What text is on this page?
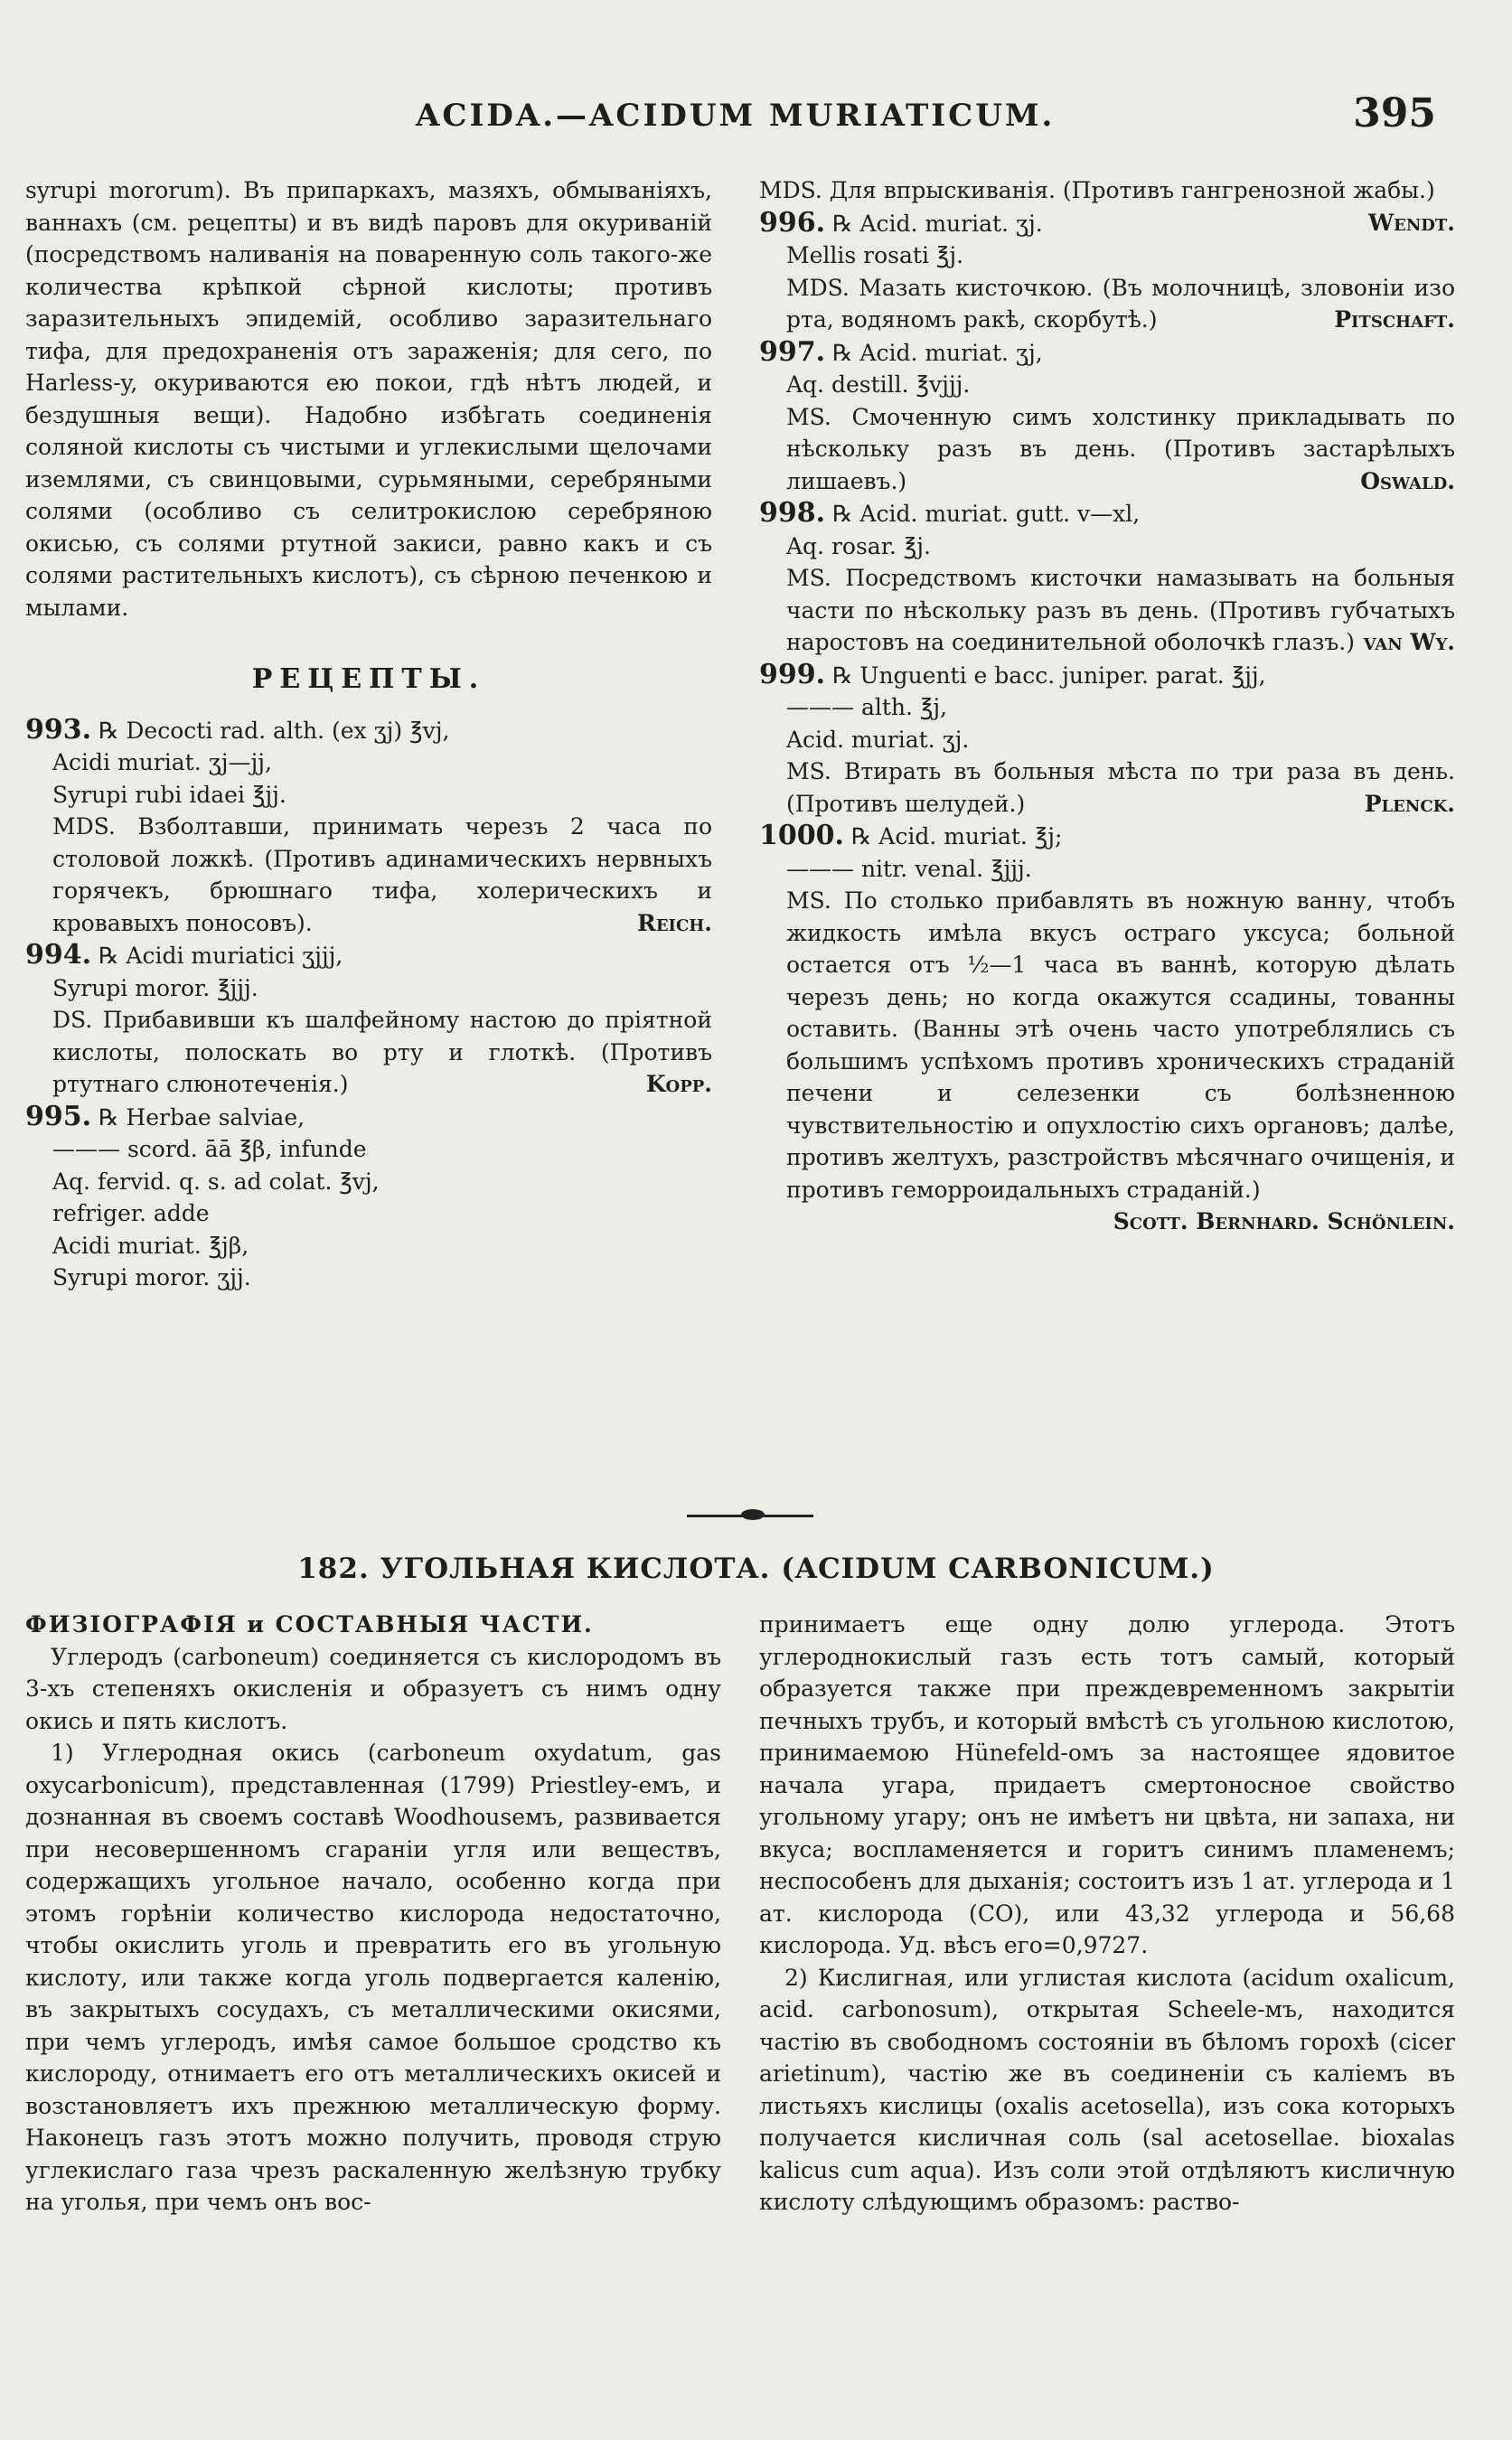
ACIDA.—ACIDUM MURIATICUM.	395

syrupi mororum). Въ припаркахъ, мазяхъ, обмываніяхъ, ваннахъ (см. рецепты) и въ видѣ паровъ для окуриваній (посредствомъ наливанія на поваренную соль такого-же количества крѣпкой сѣрной кислоты; противъ заразительныхъ эпидемій, особливо заразительнаго тифа, для предохраненія отъ зараженія; для сего, по Harless-y, окуриваются ею покои, гдѣ нѣтъ людей, и бездушныя вещи). Надобно избѣгать соединенія соляной кислоты съ чистыми и углекислыми щелочами иземлями, съ свинцовыми, сурьмяными, серебряными солями (особливо съ селитрокислою серебряною окисью, съ солями ртутной закиси, равно какъ и съ солями растительныхъ кислотъ), съ сѣрною печенкою и мылами.

РЕЦЕПТЫ.

993. ℞ Decocti rad. alth. (ex ʒj) ℥vj,

Acidi muriat. ʒj—jj,

Syrupi rubi idaei ℥jj.

MDS. Взболтавши, принимать черезъ 2 часа по столовой ложкѣ. (Противъ адинамическихъ нервныхъ горячекъ, брюшнаго тифа, холерическихъ и кровавыхъ поносовъ).	Reich.

994. ℞ Acidi muriatici ʒjjj,

Syrupi moror. ℥jjj.

DS. Прибавивши къ шалфейному настою до пріятной кислоты, полоскать во рту и глоткѣ. (Противъ ртутнаго слюнотеченія.)	Kopp.

995. ℞ Herbae salviae,

——— scord. āā ℥β, infunde

Aq. fervid. q. s. ad colat. ℥vj,

refriger. adde

Acidi muriat. ℥jβ,

Syrupi moror. ʒjj.

MDS. Для впрыскиванія. (Противъ гангренозной жабы.)
Wendt.

996. ℞ Acid. muriat. ʒj.

Mellis rosati ℥j.

MDS. Мазать кисточкою. (Въ молочницѣ, зловоніи изо рта, водяномъ ракѣ, скорбутѣ.)	Pitschaft.

997. ℞ Acid. muriat. ʒj,

Aq. destill. ℥vjjj.

MS. Смоченную симъ холстинку прикладывать по нѣскольку разъ въ день. (Противъ застарѣлыхъ лишаевъ.)	Oswald.

998. ℞ Acid. muriat. gutt. v—xl,

Aq. rosar. ℥j.

MS. Посредствомъ кисточки намазывать на больныя части по нѣскольку разъ въ день. (Противъ губчатыхъ наростовъ на соединительной оболочкѣ глазъ.) van Wy.

999. ℞ Unguenti e bacc. juniper. parat. ℥jj,

——— alth. ℥j,

Acid. muriat. ʒj.

MS. Втирать въ больныя мѣста по три раза въ день. (Противъ шелудей.)	Plenck.

1000. ℞ Acid. muriat. ℥j;

——— nitr. venal. ℥jjj.

MS. По столько прибавлять въ ножную ванну, чтобъ жидкость имѣла вкусъ остраго уксуса; больной остается отъ ½—1 часа въ ваннѣ, которую дѣлать черезъ день; но когда окажутся ссадины, тованны оставить. (Ванны этѣ очень часто употреблялись съ большимъ успѣхомъ противъ хроническихъ страданій печени и селезенки съ болѣзненною чувствительностію и опухлостію сихъ органовъ; далѣе, противъ желтухъ, разстройствъ мѣсячнаго очищенія, и противъ геморроидальныхъ страданій.)
Scott. Bernhard. Schönlein.

182. УГОЛЬНАЯ КИСЛОТА. (ACIDUM CARBONICUM.)

ФИЗІОГРАФІЯ и СОСТАВНЫЯ ЧАСТИ.

Углеродъ (carboneum) соединяется съ кислородомъ въ 3-хъ степеняхъ окисленія и образуетъ съ нимъ одну окись и пять кислотъ.

1) Углеродная окись (carboneum oxydatum, gas oxycarbonicum), представленная (1799) Priestley-емъ, и дознанная въ своемъ составѣ Woodhouseмъ, развивается при несовершенномъ сгараніи угля или веществъ, содержащихъ угольное начало, особенно когда при этомъ горѣніи количество кислорода недостаточно, чтобы окислить уголь и превратить его въ угольную кислоту, или также когда уголь подвергается каленію, въ закрытыхъ сосудахъ, съ металлическими окисями, при чемъ углеродъ, имѣя самое большое сродство къ кислороду, отнимаетъ его отъ металлическихъ окисей и возстановляетъ ихъ прежнюю металлическую форму. Наконецъ газъ этотъ можно получить, проводя струю углекислаго газа чрезъ раскаленную желѣзную трубку на уголья, при чемъ онъ вос-

принимаетъ еще одну долю углерода. Этотъ углероднокислый газъ есть тотъ самый, который образуется также при преждевременномъ закрытіи печныхъ трубъ, и который вмѣстѣ съ угольною кислотою, принимаемою Hünefeld-омъ за настоящее ядовитое начала угара, придаетъ смертоносное свойство угольному угару; онъ не имѣетъ ни цвѣта, ни запаха, ни вкуса; воспламеняется и горитъ синимъ пламенемъ; неспособенъ для дыханія; состоитъ изъ 1 ат. углерода и 1 ат. кислорода (CO), или 43,32 углерода и 56,68 кислорода. Уд. вѣсъ его=0,9727.

2) Кислигная, или углистая кислота (acidum oxalicum, acid. carbonosum), открытая Scheele-мъ, находится частію въ свободномъ состояніи въ бѣломъ горохѣ (cicer arietinum), частію же въ соединеніи съ каліемъ въ листьяхъ кислицы (oxalis acetosella), изъ сока которыхъ получается кисличная соль (sal acetosellae. bioxalas kalicus cum aqua). Изъ соли этой отдѣляютъ кисличную кислоту слѣдующимъ образомъ: раство-
